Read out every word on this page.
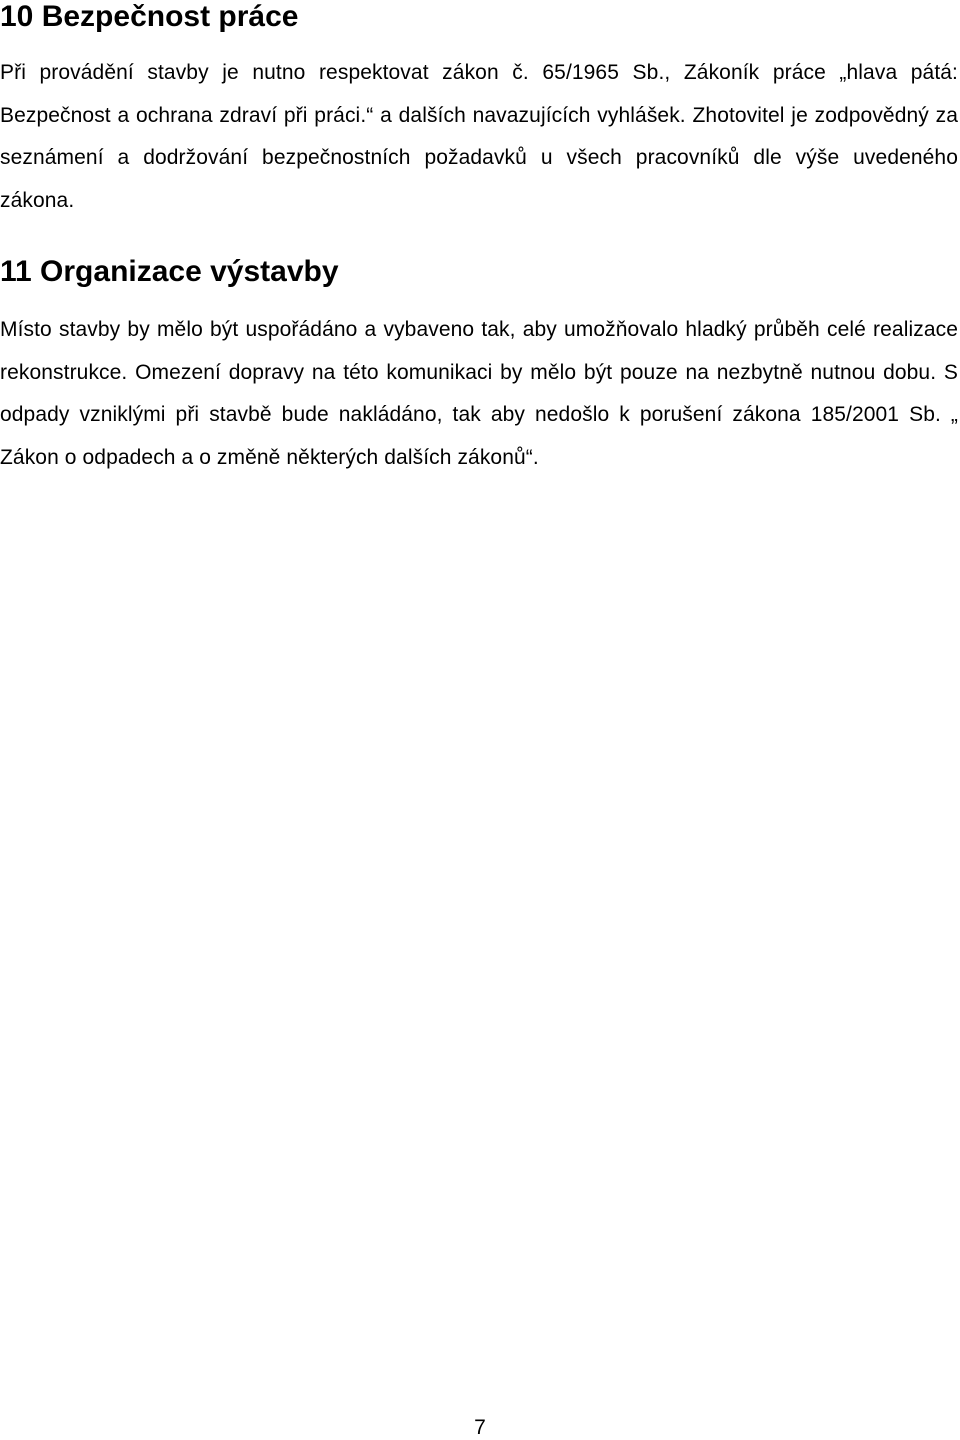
10 Bezpečnost práce

Při provádění stavby je nutno respektovat zákon č. 65/1965 Sb., Zákoník práce „hlava pátá: Bezpečnost a ochrana zdraví při práci.“ a dalších navazujících vyhlášek. Zhotovitel je zodpovědný za seznámení a dodržování bezpečnostních požadavků u všech pracovníků dle výše uvedeného zákona.

11 Organizace výstavby

Místo stavby by mělo být uspořádáno a vybaveno tak, aby umožňovalo hladký průběh celé realizace rekonstrukce. Omezení dopravy na této komunikaci by mělo být pouze na nezbytně nutnou dobu. S odpady vzniklými při stavbě bude nakládáno, tak aby nedošlo k porušení zákona 185/2001 Sb. „ Zákon o odpadech a o změně některých dalších zákonů“.

7
